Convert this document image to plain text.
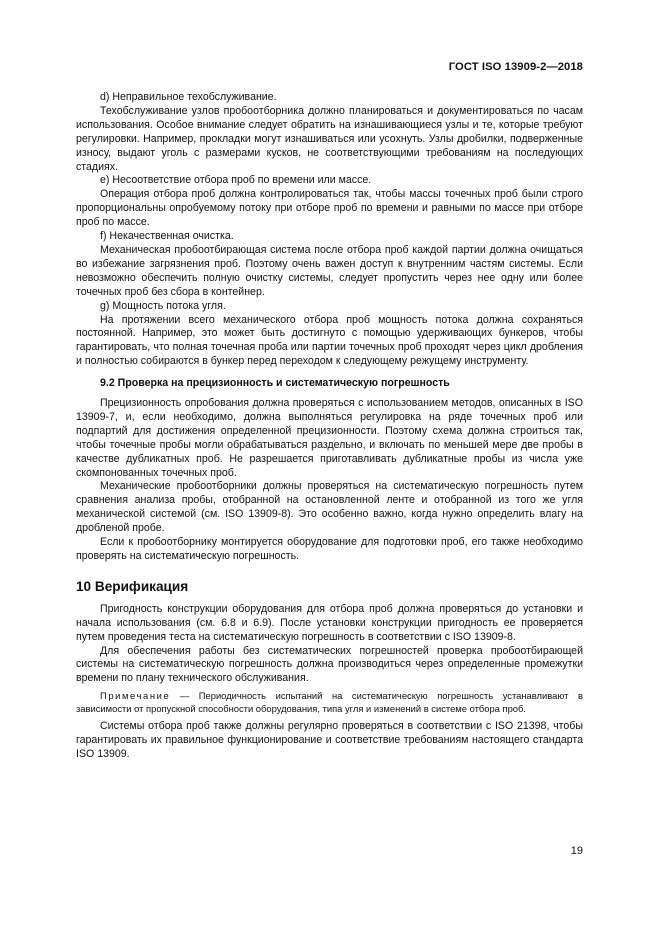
ГОСТ ISO 13909-2—2018

d) Неправильное техобслуживание.

Техобслуживание узлов пробоотборника должно планироваться и документироваться по часам использования. Особое внимание следует обратить на изнашивающиеся узлы и те, которые требуют регулировки. Например, прокладки могут изнашиваться или усохнуть. Узлы дробилки, подверженные износу, выдают уголь с размерами кусков, не соответствующими требованиям на последующих стадиях.

е) Несоответствие отбора проб по времени или массе.

Операция отбора проб должна контролироваться так, чтобы массы точечных проб были строго пропорциональны опробуемому потоку при отборе проб по времени и равными по массе при отборе проб по массе.

f) Некачественная очистка.

Механическая пробоотбирающая система после отбора проб каждой партии должна очищаться во избежание загрязнения проб. Поэтому очень важен доступ к внутренним частям системы. Если невозможно обеспечить полную очистку системы, следует пропустить через нее одну или более точечных проб без сбора в контейнер.

g) Мощность потока угля.

На протяжении всего механического отбора проб мощность потока должна сохраняться постоянной. Например, это может быть достигнуто с помощью удерживающих бункеров, чтобы гарантировать, что полная точечная проба или партии точечных проб проходят через цикл дробления и полностью собираются в бункер перед переходом к следующему режущему инструменту.

9.2 Проверка на прецизионность и систематическую погрешность

Прецизионность опробования должна проверяться с использованием методов, описанных в ISO 13909-7, и, если необходимо, должна выполняться регулировка на ряде точечных проб или подпартий для достижения определенной прецизионности. Поэтому схема должна строиться так, чтобы точечные пробы могли обрабатываться раздельно, и включать по меньшей мере две пробы в качестве дубликатных проб. Не разрешается приготавливать дубликатные пробы из числа уже скомпонованных точечных проб.

Механические пробоотборники должны проверяться на систематическую погрешность путем сравнения анализа пробы, отобранной на остановленной ленте и отобранной из того же угля механической системой (см. ISO 13909-8). Это особенно важно, когда нужно определить влагу на дробленой пробе.

Если к пробоотборнику монтируется оборудование для подготовки проб, его также необходимо проверять на систематическую погрешность.

10 Верификация

Пригодность конструкции оборудования для отбора проб должна проверяться до установки и начала использования (см. 6.8 и 6.9). После установки конструкции пригодность ее проверяется путем проведения теста на систематическую погрешность в соответствии с ISO 13909-8.

Для обеспечения работы без систематических погрешностей проверка пробоотбирающей системы на систематическую погрешность должна производиться через определенные промежутки времени по плану технического обслуживания.

Примечание — Периодичность испытаний на систематическую погрешность устанавливают в зависимости от пропускной способности оборудования, типа угля и изменений в системе отбора проб.

Системы отбора проб также должны регулярно проверяться в соответствии с ISO 21398, чтобы гарантировать их правильное функционирование и соответствие требованиям настоящего стандарта ISO 13909.

19
